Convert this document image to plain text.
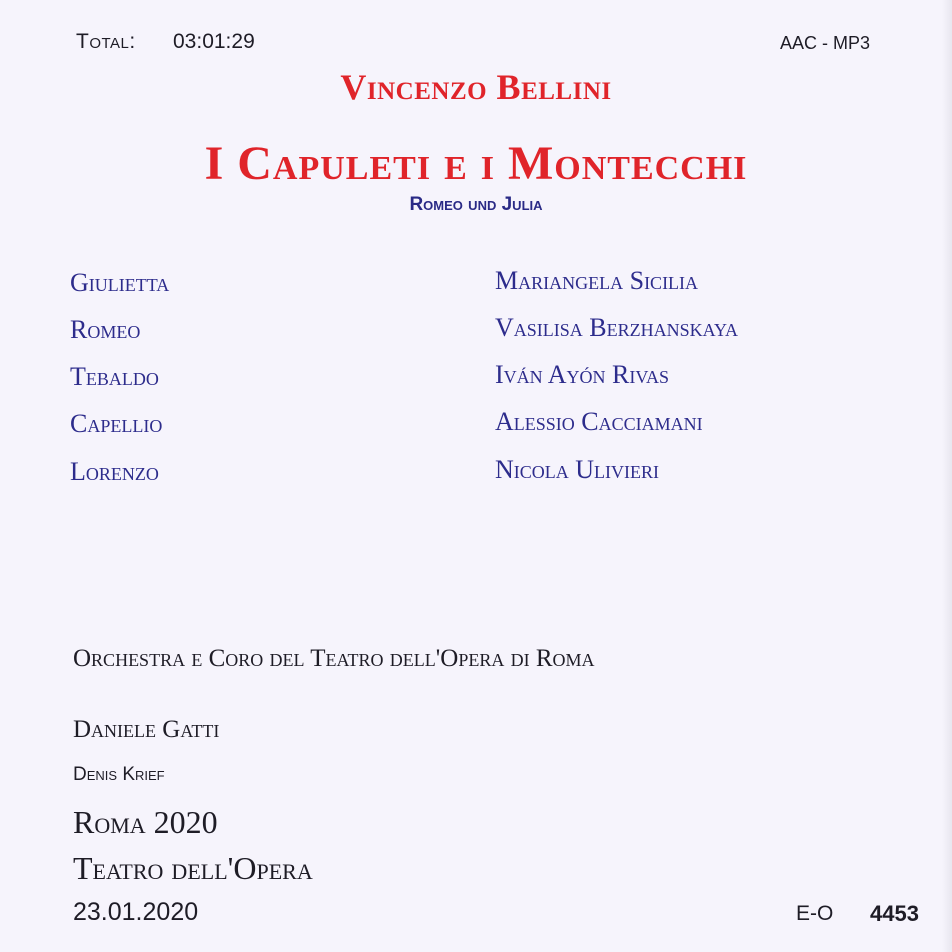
Total: 03:01:29	AAC - MP3
Vincenzo Bellini
I Capuleti e i Montecchi
Romeo und Julia
Giulietta	Mariangela Sicilia
Romeo	Vasilisa Berzhanskaya
Tebaldo	Iván Ayón Rivas
Capellio	Alessio Cacciamani
Lorenzo	Nicola Ulivieri
Orchestra e Coro del Teatro dell'Opera di Roma
Daniele Gatti
Denis Krief
Roma 2020
Teatro dell'Opera
23.01.2020	E-O 4453
